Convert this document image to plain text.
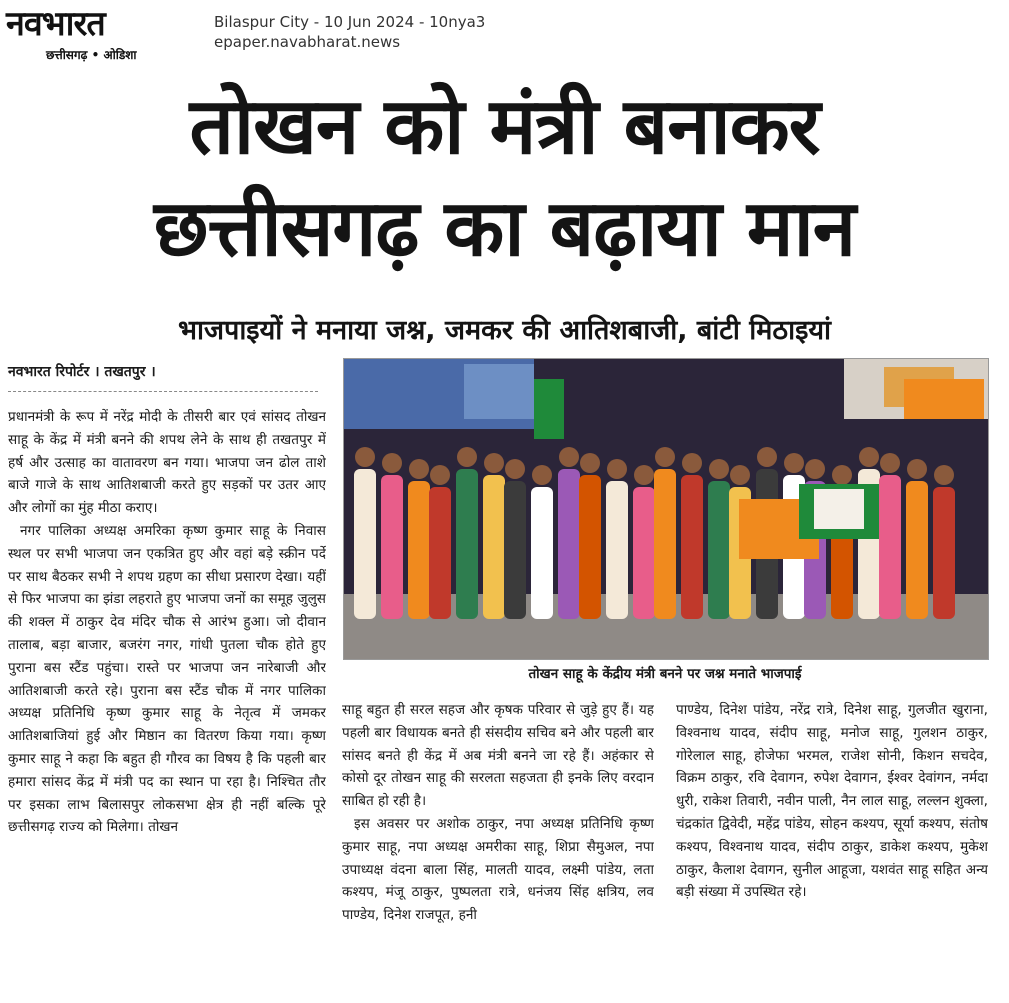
नवभारत
छत्तीसगढ़ • ओडिशा
Bilaspur City - 10 Jun 2024 - 10nya3
epaper.navabharat.news
तोखन को मंत्री बनाकर
छत्तीसगढ़ का बढ़ाया मान
भाजपाइयों ने मनाया जश्न, जमकर की आतिशबाजी, बांटी मिठाइयां
नवभारत रिपोर्टर । तखतपुर ।

प्रधानमंत्री के रूप में नरेंद्र मोदी के तीसरी बार एवं सांसद तोखन साहू के केंद्र में मंत्री बनने की शपथ लेने के साथ ही तखतपुर में हर्ष और उत्साह का वातावरण बन गया। भाजपा जन ढोल ताशे बाजे गाजे के साथ आतिशबाजी करते हुए सड़कों पर उतर आए और लोगों का मुंह मीठा कराए।

नगर पालिका अध्यक्ष अमरिका कृष्ण कुमार साहू के निवास स्थल पर सभी भाजपा जन एकत्रित हुए और वहां बड़े स्क्रीन पर्दे पर साथ बैठकर सभी ने शपथ ग्रहण का सीधा प्रसारण देखा। यहीं से फिर भाजपा का झंडा लहराते हुए भाजपा जनों का समूह जुलुस की शक्ल में ठाकुर देव मंदिर चौक से आरंभ हुआ। जो दीवान तालाब, बड़ा बाजार, बजरंग नगर, गांधी पुतला चौक होते हुए पुराना बस स्टैंड पहुंचा। रास्ते पर भाजपा जन नारेबाजी और आतिशबाजी करते रहे। पुराना बस स्टैंड चौक में नगर पालिका अध्यक्ष प्रतिनिधि कृष्ण कुमार साहू के नेतृत्व में जमकर आतिशबाजियां हुई और मिष्ठान का वितरण किया गया। कृष्ण कुमार साहू ने कहा कि बहुत ही गौरव का विषय है कि पहली बार हमारा सांसद केंद्र में मंत्री पद का स्थान पा रहा है। निश्चित तौर पर इसका लाभ बिलासपुर लोकसभा क्षेत्र ही नहीं बल्कि पूरे छत्तीसगढ़ राज्य को मिलेगा। तोखन

तोखन साहू के केंद्रीय मंत्री बनने पर जश्न मनाते भाजपाई

साहू बहुत ही सरल सहज और कृषक परिवार से जुड़े हुए हैं। यह पहली बार विधायक बनते ही संसदीय सचिव बने और पहली बार सांसद बनते ही केंद्र में अब मंत्री बनने जा रहे हैं। अहंकार से कोसो दूर तोखन साहू की सरलता सहजता ही इनके लिए वरदान साबित हो रही है।

इस अवसर पर अशोक ठाकुर, नपा अध्यक्ष प्रतिनिधि कृष्ण कुमार साहू, नपा अध्यक्ष अमरीका साहू, शिप्रा सैमुअल, नपा उपाध्यक्ष वंदना बाला सिंह, मालती यादव, लक्ष्मी पांडेय, लता कश्यप, मंजू ठाकुर, पुष्पलता रात्रे, धनंजय सिंह क्षत्रिय, लव पाण्डेय, दिनेश राजपूत, हनी

पाण्डेय, दिनेश पांडेय, नरेंद्र रात्रे, दिनेश साहू, गुलजीत खुराना, विश्वनाथ यादव, संदीप साहू, मनोज साहू, गुलशन ठाकुर, गोरेलाल साहू, होजेफा भरमल, राजेश सोनी, किशन सचदेव, विक्रम ठाकुर, रवि देवागन, रुपेश देवागन, ईश्वर देवांगन, नर्मदा धुरी, राकेश तिवारी, नवीन पाली, नैन लाल साहू, लल्लन शुक्ला, चंद्रकांत द्विवेदी, महेंद्र पांडेय, सोहन कश्यप, सूर्या कश्यप, संतोष कश्यप, विश्वनाथ यादव, संदीप ठाकुर, डाकेश कश्यप, मुकेश ठाकुर, कैलाश देवागन, सुनील आहूजा, यशवंत साहू सहित अन्य बड़ी संख्या में उपस्थित रहे।
